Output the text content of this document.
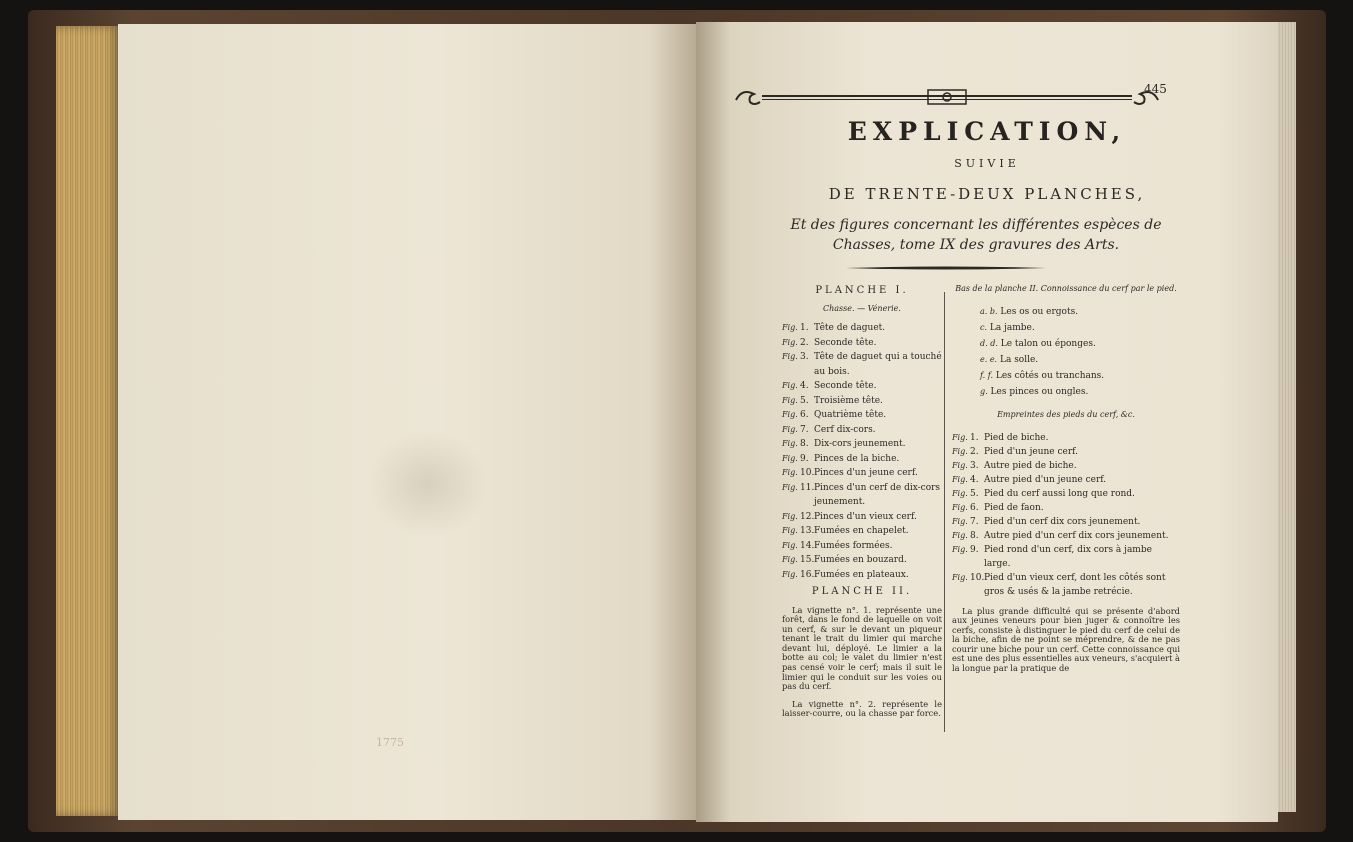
1775
445
EXPLICATION,
SUIVIE
DE TRENTE-DEUX PLANCHES,
Et des figures concernant les différentes espèces de Chasses, tome IX des gravures des Arts.
PLANCHE I.
Chasse. — Vénerie.
Fig. 1. Tête de daguet.
Fig. 2. Seconde tête.
Fig. 3. Tête de daguet qui a touché au bois.
Fig. 4. Seconde tête.
Fig. 5. Troisième tête.
Fig. 6. Quatrième tête.
Fig. 7. Cerf dix-cors.
Fig. 8. Dix-cors jeunement.
Fig. 9. Pinces de la biche.
Fig. 10. Pinces d'un jeune cerf.
Fig. 11. Pinces d'un cerf de dix-cors jeunement.
Fig. 12. Pinces d'un vieux cerf.
Fig. 13. Fumées en chapelet.
Fig. 14. Fumées formées.
Fig. 15. Fumées en bouzard.
Fig. 16. Fumées en plateaux.
PLANCHE II.
La vignette n°. 1. représente une forêt, dans le fond de laquelle on voit un cerf, & sur le devant un piqueur tenant le trait du limier qui marche devant lui, déployé. Le limier a la botte au col; le valet du limier n'est pas censé voir le cerf; mais il suit le limier qui le conduit sur les voies ou pas du cerf.
La vignette n°. 2. représente le laisser-courre, ou la chasse par force.
Bas de la planche II. Connoissance du cerf par le pied.
a. b. Les os ou ergots.
c. La jambe.
d. d. Le talon ou éponges.
e. e. La solle.
f. f. Les côtés ou tranchans.
g. Les pinces ou ongles.
Empreintes des pieds du cerf, &c.
Fig. 1. Pied de biche.
Fig. 2. Pied d'un jeune cerf.
Fig. 3. Autre pied de biche.
Fig. 4. Autre pied d'un jeune cerf.
Fig. 5. Pied du cerf aussi long que rond.
Fig. 6. Pied de faon.
Fig. 7. Pied d'un cerf dix cors jeunement.
Fig. 8. Autre pied d'un cerf dix cors jeunement.
Fig. 9. Pied rond d'un cerf, dix cors à jambe large.
Fig. 10. Pied d'un vieux cerf, dont les côtés sont gros & usés & la jambe retrécie.
La plus grande difficulté qui se présente d'abord aux jeunes veneurs pour bien juger & connoître les cerfs, consiste à distinguer le pied du cerf de celui de la biche, afin de ne point se méprendre, & de ne pas courir une biche pour un cerf. Cette connoissance qui est une des plus essentielles aux veneurs, s'acquiert à la longue par la pratique de
